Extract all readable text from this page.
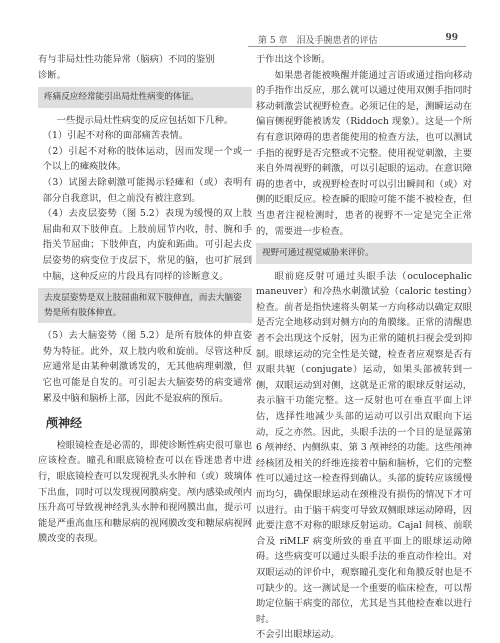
第 5 章　泪及手腕患者的评估	99

有与非局灶性功能异常（脑病）不同的鉴别

诊断。

疼痛反应经常能引出局灶性病变的体征。

一些提示局灶性病变的反应包括如下几种。

（1）引起不对称的面部痛苦表情。

（2）引起不对称的肢体运动，因而发现一个或一个以上的瘫痪肢体。

（3）试图去除刺激可能揭示轻瘫和（或）表明有部分自我意识，但之前没有被注意到。

（4）去皮层姿势（图 5.2）表现为缓慢的双上肢屈曲和双下肢伸直。上肢前屈节内收，肘、腕和手指关节屈曲；下肢伸直，内旋和跖曲。可引起去皮层姿势的病变位于皮层下，常见的脑，也可扩展到中脑，这种反应的片段具有同样的诊断意义。

去皮层姿势是双上肢屈曲和双下肢伸直，而去大脑姿势是所有肢体伸直。

（5）去大脑姿势（图 5.2）是所有肢体的伸直姿势为特征。此外，双上肢内收和旋前。尽管这种反应通常是由某种刺激诱发的，无其他病理刺激，但它也可能是自发的。可引起去大脑姿势的病变通常累及中脑和脑桥上部，因此不是寂病的预后。

颅神经

检眼镜检查是必需的，即使诊断性病史很可靠也应该检查。瞳孔和眼底镜检查可以在昏迷患者中进行，眼底镜检查可以发现视乳头水肿和（或）玻璃体下出血，同时可以发现视网膜病变。颅内感染或颅内压升高可导致视神经乳头水肿和视网膜出血，提示可能是严重高血压和糖尿病的视网膜改变和糖尿病视网膜改变的表现。

于作出这个诊断。

如果患者能被唤醒并能通过言语或通过指向移动的手指作出反应，那么就可以通过使用双侧手指同时移动刺激尝试视野检查。必须记住的是，测瞬运动在偏盲侧视野能被诱发（Riddoch 现象）。这是一个所有有意识障碍的患者能使用的检查方法，也可以测试手指的视野是否完整或不完整。使用视觉刺激，主要来自外周视野的刺激，可以引起眼的运动。在意识障碍的患者中，或视野检查时可以引出瞬间和（或）对侧的眨眼反应。检查瞬的眼睑可能不能不被检查，但当患者注视检测时，患者的视野不一定是完全正常的，需要进一步检查。

视野可通过视觉威胁来评价。

眼前庭反射可通过头眼手法（oculocephalic maneuver）和冷热水刺激试验（caloric testing）检查。前者是指快速将头朝某一方向移动以确定双眼是否完全地移动到对侧方向的角膜缘。正常的清醒患者不会出现这个反射，因为正常的随机扫视会受到抑制。眼球运动的完全性是关键，检查者应观察是否有双眼共轭（conjugate）运动，如果头部被转到一侧，双眼运动到对侧，这就是正常的眼球反射运动，表示脑干功能完整。这一反射也可在垂直平面上评估，选择性地减少头部的运动可以引出双眼向下运动，反之亦然。因此，头眼手法的一个目的是显露第 6 颅神经、内侧纵束、第 3 颅神经的功能。这些颅神经核团及相关的纤维连接着中脑和脑桥，它们的完整性可以通过这一检查得到确认。头部的旋转应该缓慢而均匀，确保眼球运动在颈椎没有损伤的情况下才可以进行。由于脑干病变可导致双侧眼球运动障碍，因此要注意不对称的眼球反射运动。Cajal 间核、前联合及 riMLF 病变所致的垂直平面上的眼球运动障碍。这些病变可以通过头眼手法的垂直动作检出。对双眼运动的评价中，观察瞳孔变化和角膜反射也是不可缺少的。这一测试是一个重要的临床检查，可以帮助定位脑干病变的部位，尤其是当其他检查难以进行时。

不会引出眼球运动。
